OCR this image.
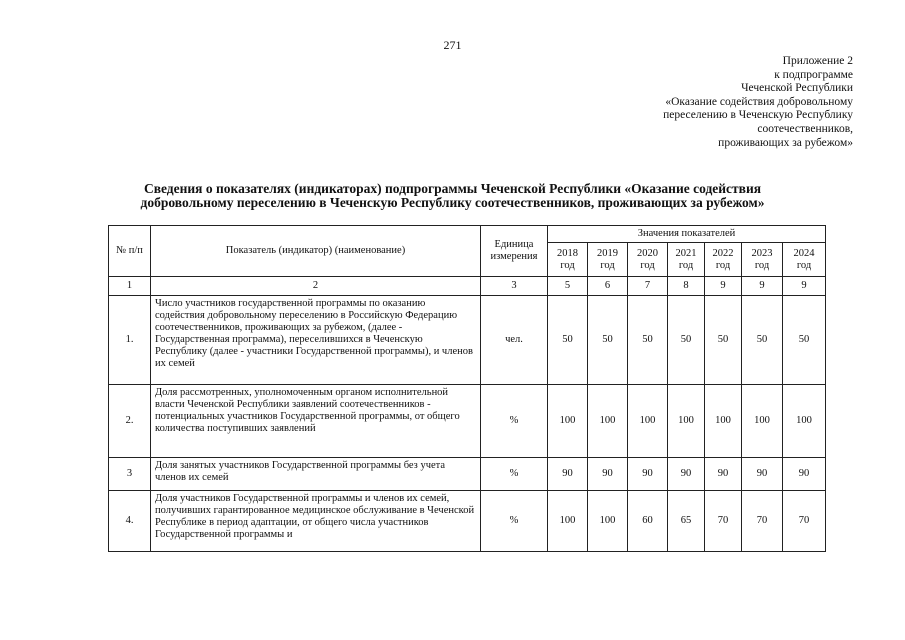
271
Приложение 2
к подпрограмме
Чеченской Республики
«Оказание содействия добровольному
переселению в Чеченскую Республику
соотечественников,
проживающих за рубежом»
Сведения о показателях (индикаторах) подпрограммы Чеченской Республики «Оказание содействия
добровольному переселению в Чеченскую Республику соотечественников, проживающих за рубежом»
№ п/п	Показатель (индикатор) (наименование)	Единица измерения	Значения показателей						
			2018 год	2019 год	2020 год	2021 год	2022 год	2023 год	2024 год
1	2	3	5	6	7	8	9	9	9
1.	Число участников государственной программы по оказанию содействия добровольному переселению в Российскую Федерацию соотечественников, проживающих за рубежом, (далее - Государственная программа), переселившихся в Чеченскую Республику (далее - участники Государственной программы), и членов их семей	чел.	50	50	50	50	50	50	50
2.	Доля рассмотренных, уполномоченным органом исполнительной власти Чеченской Республики заявлений соотечественников - потенциальных участников Государственной программы, от общего количества поступивших заявлений	%	100	100	100	100	100	100	100
3	Доля занятых участников Государственной программы без учета членов их семей	%	90	90	90	90	90	90	90
4.	Доля участников Государственной программы и членов их семей, получивших гарантированное медицинское обслуживание в Чеченской Республике в период адаптации, от общего числа участников Государственной программы и	%	100	100	60	65	70	70	70
